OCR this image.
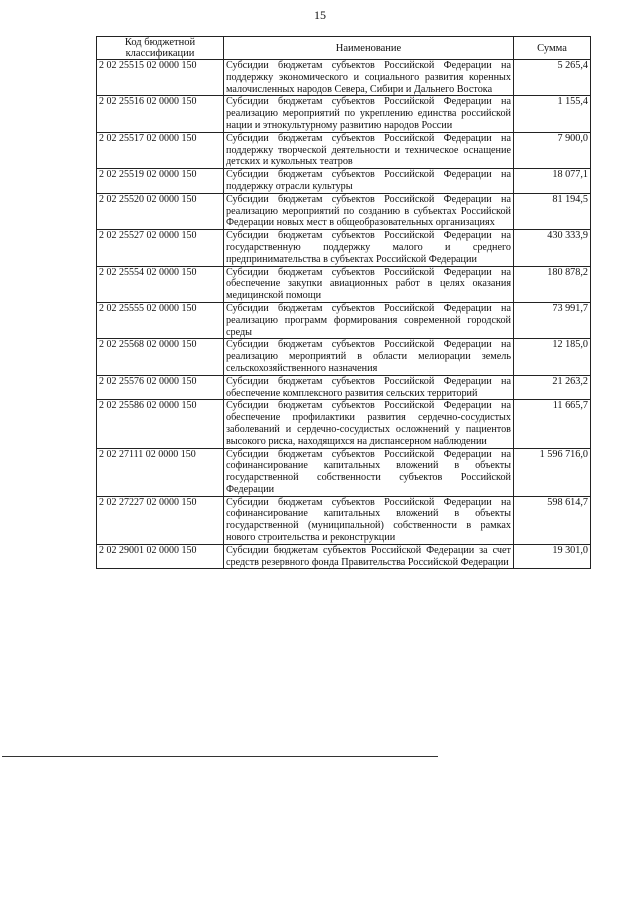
15
Код бюджетной классификации	Наименование	Сумма
2 02 25515 02 0000 150	Субсидии бюджетам субъектов Российской Федерации на поддержку экономического и социального развития коренных малочисленных народов Севера, Сибири и Дальнего Востока	5 265,4
2 02 25516 02 0000 150	Субсидии бюджетам субъектов Российской Федерации на реализацию мероприятий по укреплению единства российской нации и этнокультурному развитию народов России	1 155,4
2 02 25517 02 0000 150	Субсидии бюджетам субъектов Российской Федерации на поддержку творческой деятельности и техническое оснащение детских и кукольных театров	7 900,0
2 02 25519 02 0000 150	Субсидии бюджетам субъектов Российской Федерации на поддержку отрасли культуры	18 077,1
2 02 25520 02 0000 150	Субсидии бюджетам субъектов Российской Федерации на реализацию мероприятий по созданию в субъектах Российской Федерации новых мест в общеобразовательных организациях	81 194,5
2 02 25527 02 0000 150	Субсидии бюджетам субъектов Российской Федерации на государственную поддержку малого и среднего предпринимательства в субъектах Российской Федерации	430 333,9
2 02 25554 02 0000 150	Субсидии бюджетам субъектов Российской Федерации на обеспечение закупки авиационных работ в целях оказания медицинской помощи	180 878,2
2 02 25555 02 0000 150	Субсидии бюджетам субъектов Российской Федерации на реализацию программ формирования современной городской среды	73 991,7
2 02 25568 02 0000 150	Субсидии бюджетам субъектов Российской Федерации на реализацию мероприятий в области мелиорации земель сельскохозяйственного назначения	12 185,0
2 02 25576 02 0000 150	Субсидии бюджетам субъектов Российской Федерации на обеспечение комплексного развития сельских территорий	21 263,2
2 02 25586 02 0000 150	Субсидии бюджетам субъектов Российской Федерации на обеспечение профилактики развития сердечно-сосудистых заболеваний и сердечно-сосудистых осложнений у пациентов высокого риска, находящихся на диспансерном наблюдении	11 665,7
2 02 27111 02 0000 150	Субсидии бюджетам субъектов Российской Федерации на софинансирование капитальных вложений в объекты государственной собственности субъектов Российской Федерации	1 596 716,0
2 02 27227 02 0000 150	Субсидии бюджетам субъектов Российской Федерации на софинансирование капитальных вложений в объекты государственной (муниципальной) собственности в рамках нового строительства и реконструкции	598 614,7
2 02 29001 02 0000 150	Субсидии бюджетам субъектов Российской Федерации за счет средств резервного фонда Правительства Российской Федерации	19 301,0
